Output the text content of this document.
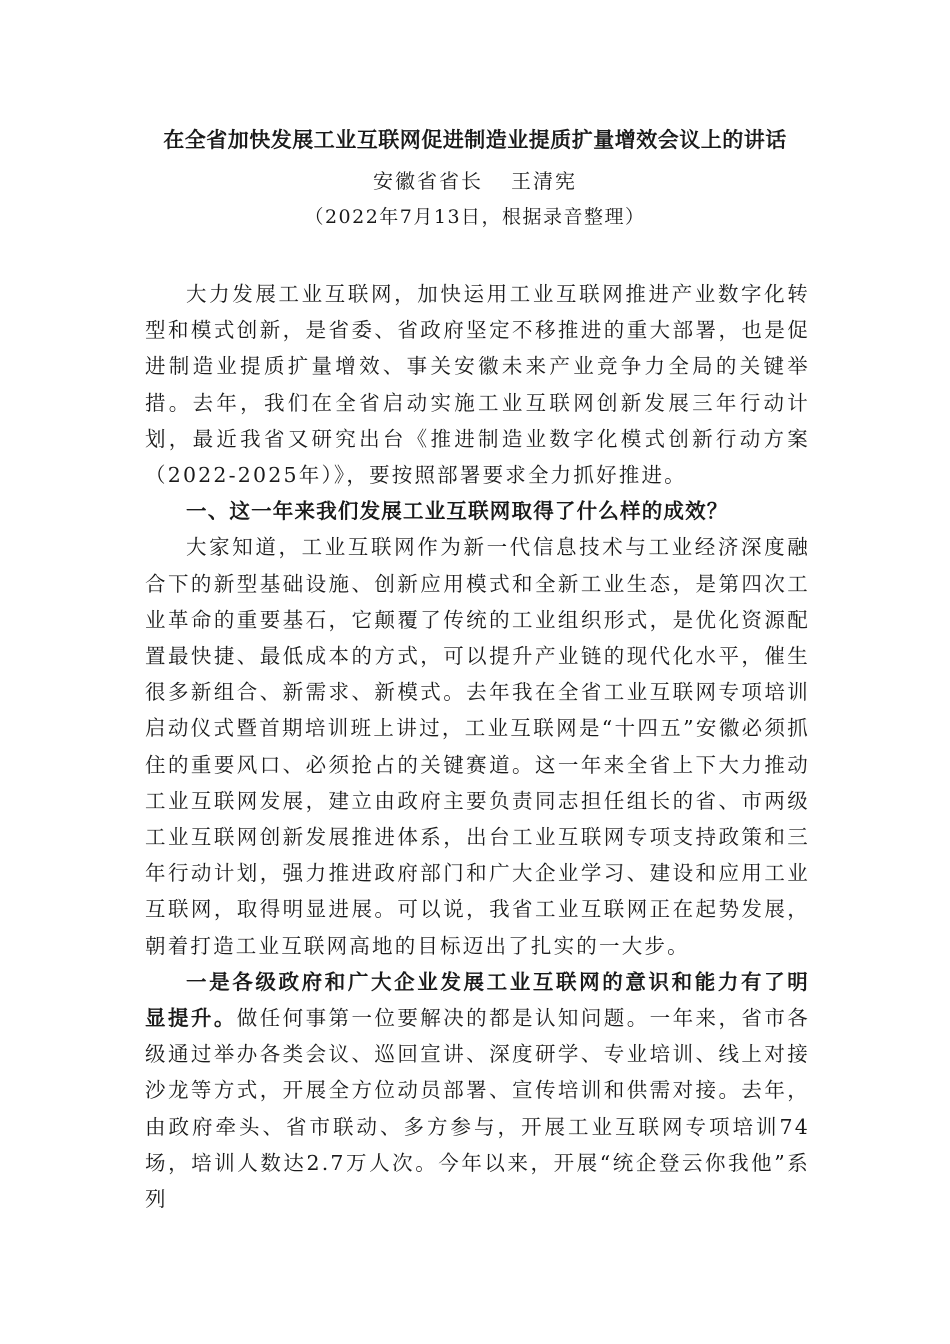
在全省加快发展工业互联网促进制造业提质扩量增效会议上的讲话
安徽省省长 王清宪
（2022年7月13日，根据录音整理）

大力发展工业互联网，加快运用工业互联网推进产业数字化转型和模式创新，是省委、省政府坚定不移推进的重大部署，也是促进制造业提质扩量增效、事关安徽未来产业竞争力全局的关键举措。去年，我们在全省启动实施工业互联网创新发展三年行动计划，最近我省又研究出台《推进制造业数字化模式创新行动方案（2022-2025年）》，要按照部署要求全力抓好推进。

一、这一年来我们发展工业互联网取得了什么样的成效？

大家知道，工业互联网作为新一代信息技术与工业经济深度融合下的新型基础设施、创新应用模式和全新工业生态，是第四次工业革命的重要基石，它颠覆了传统的工业组织形式，是优化资源配置最快捷、最低成本的方式，可以提升产业链的现代化水平，催生很多新组合、新需求、新模式。去年我在全省工业互联网专项培训启动仪式暨首期培训班上讲过，工业互联网是“十四五”安徽必须抓住的重要风口、必须抢占的关键赛道。这一年来全省上下大力推动工业互联网发展，建立由政府主要负责同志担任组长的省、市两级工业互联网创新发展推进体系，出台工业互联网专项支持政策和三年行动计划，强力推进政府部门和广大企业学习、建设和应用工业互联网，取得明显进展。可以说，我省工业互联网正在起势发展，朝着打造工业互联网高地的目标迈出了扎实的一大步。

一是各级政府和广大企业发展工业互联网的意识和能力有了明显提升。做任何事第一位要解决的都是认知问题。一年来，省市各级通过举办各类会议、巡回宣讲、深度研学、专业培训、线上对接沙龙等方式，开展全方位动员部署、宣传培训和供需对接。去年，由政府牵头、省市联动、多方参与，开展工业互联网专项培训74场，培训人数达2.7万人次。今年以来，开展“统企登云你我他”系列
